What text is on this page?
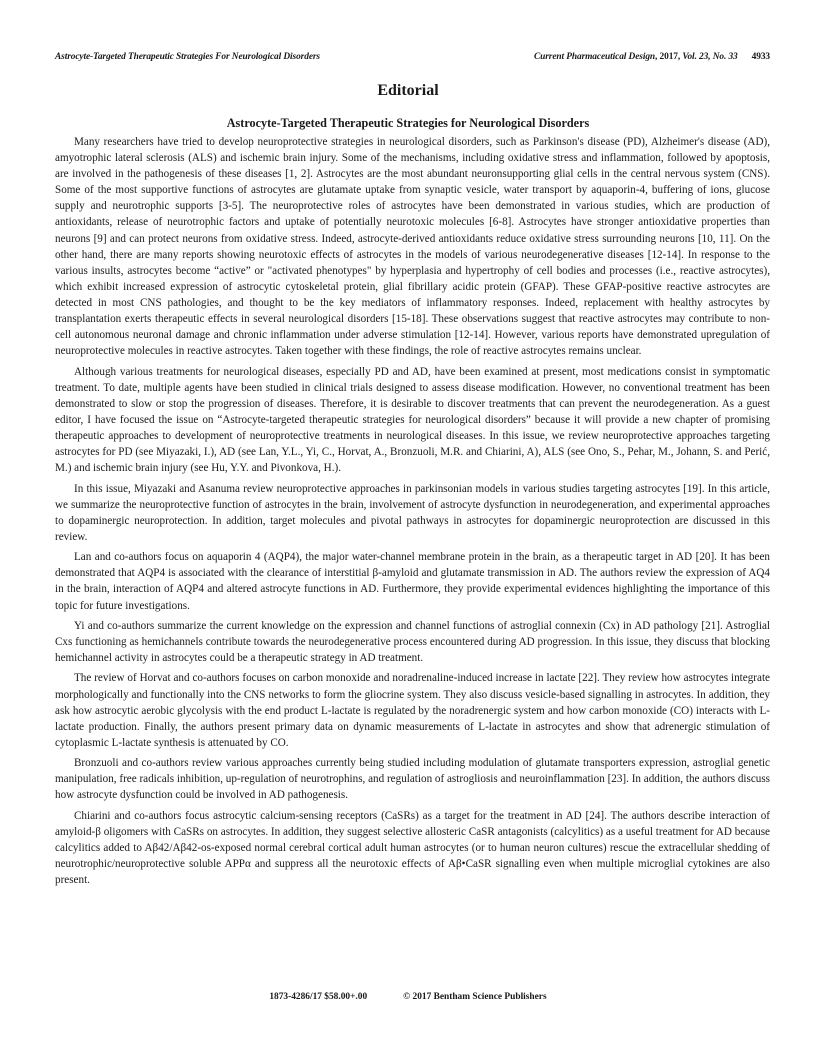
Astrocyte-Targeted Therapeutic Strategies For Neurological Disorders	Current Pharmaceutical Design, 2017, Vol. 23, No. 33 4933
Editorial
Astrocyte-Targeted Therapeutic Strategies for Neurological Disorders

Many researchers have tried to develop neuroprotective strategies in neurological disorders, such as Parkinson's disease (PD), Alzheimer's disease (AD), amyotrophic lateral sclerosis (ALS) and ischemic brain injury. Some of the mechanisms, including oxidative stress and inflammation, followed by apoptosis, are involved in the pathogenesis of these diseases [1, 2]. Astrocytes are the most abundant neuronsupporting glial cells in the central nervous system (CNS). Some of the most supportive functions of astrocytes are glutamate uptake from synaptic vesicle, water transport by aquaporin-4, buffering of ions, glucose supply and neurotrophic supports [3-5]. The neuroprotective roles of astrocytes have been demonstrated in various studies, which are production of antioxidants, release of neurotrophic factors and uptake of potentially neurotoxic molecules [6-8]. Astrocytes have stronger antioxidative properties than neurons [9] and can protect neurons from oxidative stress. Indeed, astrocyte-derived antioxidants reduce oxidative stress surrounding neurons [10, 11]. On the other hand, there are many reports showing neurotoxic effects of astrocytes in the models of various neurodegenerative diseases [12-14]. In response to the various insults, astrocytes become “active” or "activated phenotypes" by hyperplasia and hypertrophy of cell bodies and processes (i.e., reactive astrocytes), which exhibit increased expression of astrocytic cytoskeletal protein, glial fibrillary acidic protein (GFAP). These GFAP-positive reactive astrocytes are detected in most CNS pathologies, and thought to be the key mediators of inflammatory responses. Indeed, replacement with healthy astrocytes by transplantation exerts therapeutic effects in several neurological disorders [15-18]. These observations suggest that reactive astrocytes may contribute to non-cell autonomous neuronal damage and chronic inflammation under adverse stimulation [12-14]. However, various reports have demonstrated upregulation of neuroprotective molecules in reactive astrocytes. Taken together with these findings, the role of reactive astrocytes remains unclear.

Although various treatments for neurological diseases, especially PD and AD, have been examined at present, most medications consist in symptomatic treatment. To date, multiple agents have been studied in clinical trials designed to assess disease modification. However, no conventional treatment has been demonstrated to slow or stop the progression of diseases. Therefore, it is desirable to discover treatments that can prevent the neurodegeneration. As a guest editor, I have focused the issue on “Astrocyte-targeted therapeutic strategies for neurological disorders” because it will provide a new chapter of promising therapeutic approaches to development of neuroprotective treatments in neurological diseases. In this issue, we review neuroprotective approaches targeting astrocytes for PD (see Miyazaki, I.), AD (see Lan, Y.L., Yi, C., Horvat, A., Bronzuoli, M.R. and Chiarini, A), ALS (see Ono, S., Pehar, M., Johann, S. and Perić, M.) and ischemic brain injury (see Hu, Y.Y. and Pivonkova, H.).

In this issue, Miyazaki and Asanuma review neuroprotective approaches in parkinsonian models in various studies targeting astrocytes [19]. In this article, we summarize the neuroprotective function of astrocytes in the brain, involvement of astrocyte dysfunction in neurodegeneration, and experimental approaches to dopaminergic neuroprotection. In addition, target molecules and pivotal pathways in astrocytes for dopaminergic neuroprotection are discussed in this review.

Lan and co-authors focus on aquaporin 4 (AQP4), the major water-channel membrane protein in the brain, as a therapeutic target in AD [20]. It has been demonstrated that AQP4 is associated with the clearance of interstitial β-amyloid and glutamate transmission in AD. The authors review the expression of AQ4 in the brain, interaction of AQP4 and altered astrocyte functions in AD. Furthermore, they provide experimental evidences highlighting the importance of this topic for future investigations.

Yi and co-authors summarize the current knowledge on the expression and channel functions of astroglial connexin (Cx) in AD pathology [21]. Astroglial Cxs functioning as hemichannels contribute towards the neurodegenerative process encountered during AD progression. In this issue, they discuss that blocking hemichannel activity in astrocytes could be a therapeutic strategy in AD treatment.

The review of Horvat and co-authors focuses on carbon monoxide and noradrenaline-induced increase in lactate [22]. They review how astrocytes integrate morphologically and functionally into the CNS networks to form the gliocrine system. They also discuss vesicle-based signalling in astrocytes. In addition, they ask how astrocytic aerobic glycolysis with the end product L-lactate is regulated by the noradrenergic system and how carbon monoxide (CO) interacts with L-lactate production. Finally, the authors present primary data on dynamic measurements of L-lactate in astrocytes and show that adrenergic stimulation of cytoplasmic L-lactate synthesis is attenuated by CO.

Bronzuoli and co-authors review various approaches currently being studied including modulation of glutamate transporters expression, astroglial genetic manipulation, free radicals inhibition, up-regulation of neurotrophins, and regulation of astrogliosis and neuroinflammation [23]. In addition, the authors discuss how astrocyte dysfunction could be involved in AD pathogenesis.

Chiarini and co-authors focus astrocytic calcium-sensing receptors (CaSRs) as a target for the treatment in AD [24]. The authors describe interaction of amyloid-β oligomers with CaSRs on astrocytes. In addition, they suggest selective allosteric CaSR antagonists (calcylitics) as a useful treatment for AD because calcylitics added to Aβ42/Aβ42-os-exposed normal cerebral cortical adult human astrocytes (or to human neuron cultures) rescue the extracellular shedding of neurotrophic/neuroprotective soluble APPα and suppress all the neurotoxic effects of Aβ•CaSR signalling even when multiple microglial cytokines are also present.

1873-4286/17 $58.00+.00	© 2017 Bentham Science Publishers
